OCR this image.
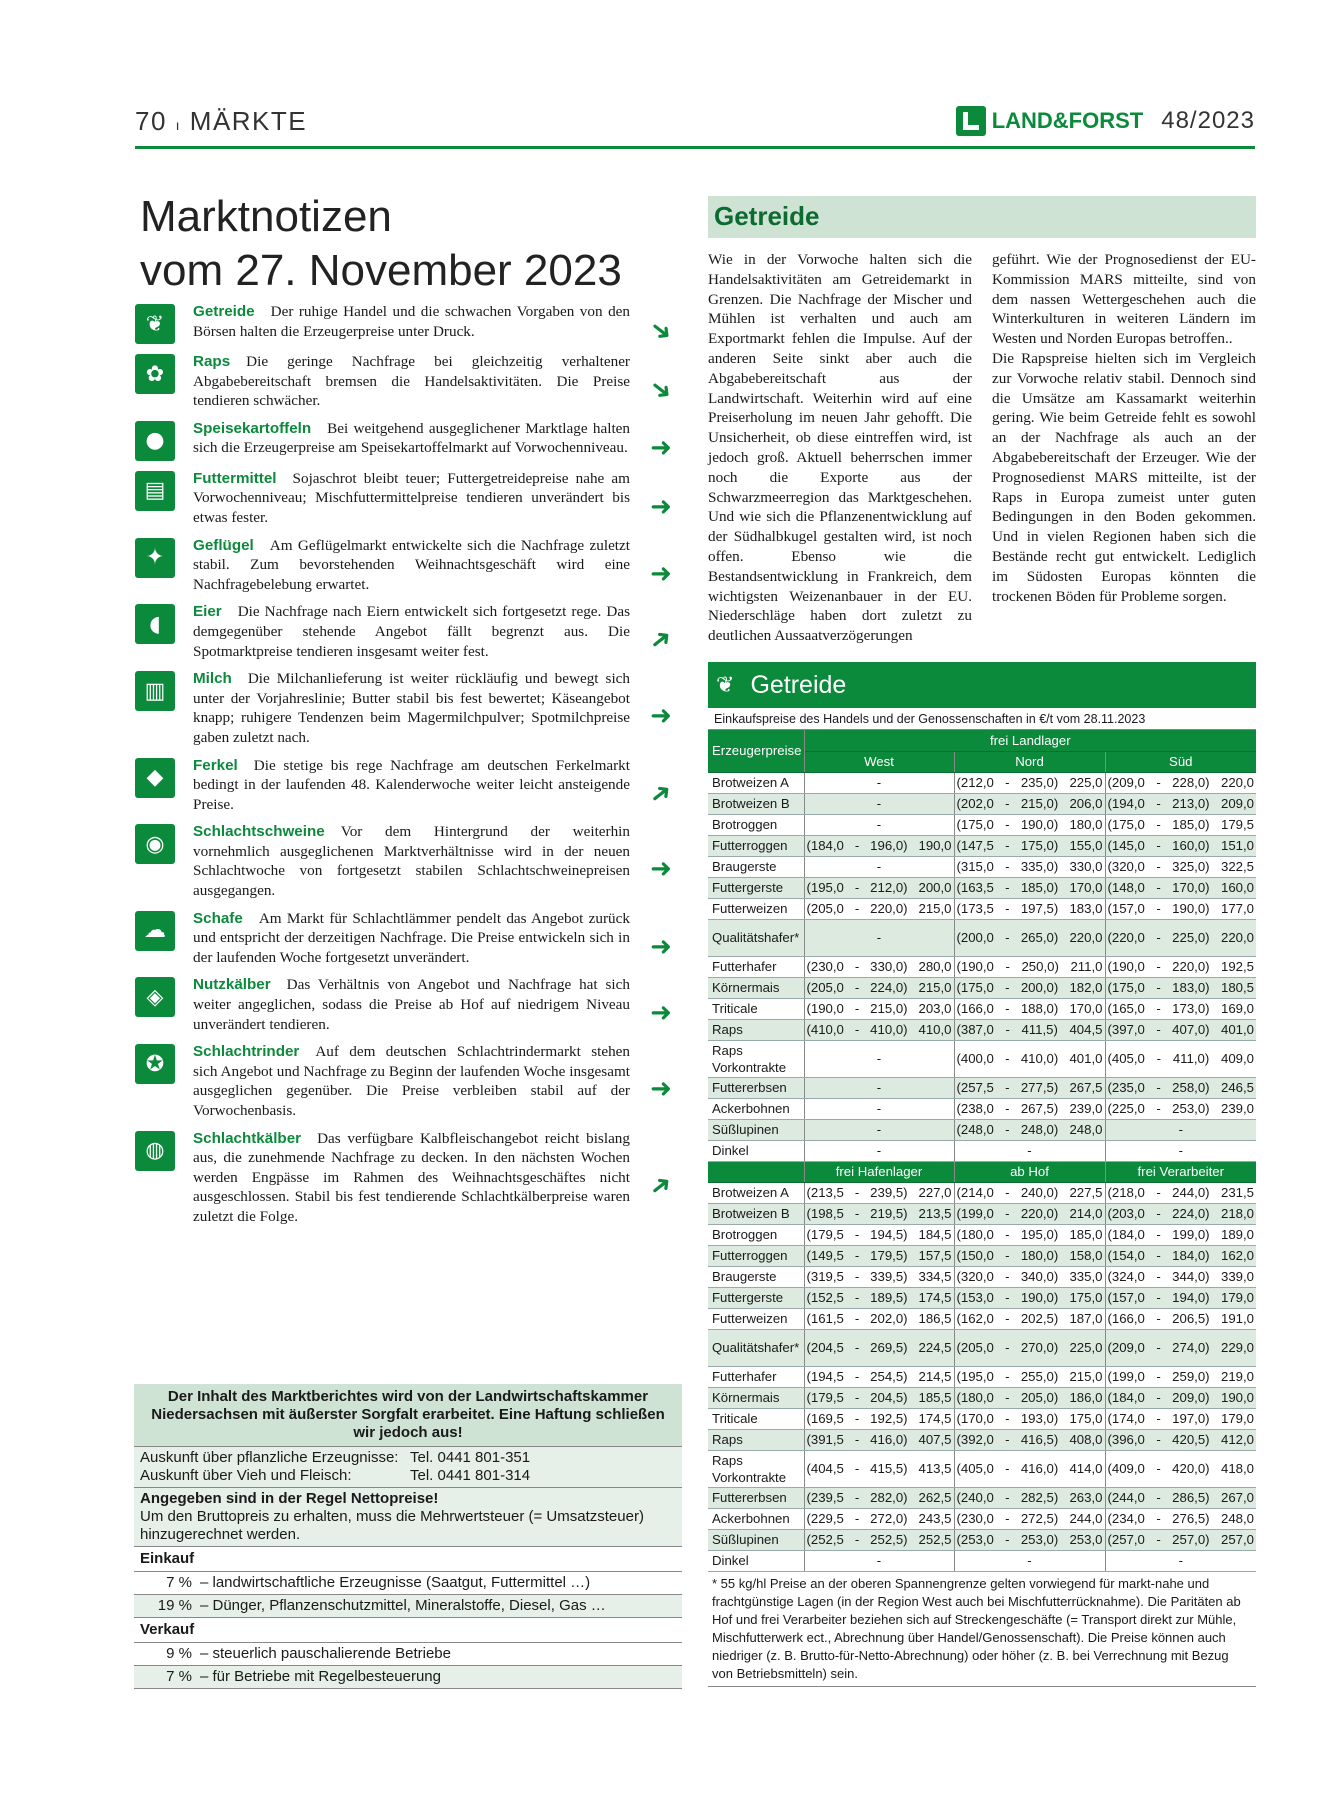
70 ı MÄRKTE	LAND&FORST 48/2023
Marktnotizen
vom 27. November 2023
❦	Getreide Der ruhige Handel und die schwachen Vorgaben von den Börsen halten die Erzeugerpreise unter Druck.
✿	Raps Die geringe Nachfrage bei gleichzeitig verhaltener Abgabebereitschaft bremsen die Handelsaktivitäten. Die Preise tendieren schwächer.
●	Speisekartoffeln Bei weitgehend ausgeglichener Marktlage halten sich die Erzeugerpreise am Speisekartoffelmarkt auf Vorwochenniveau.
▤	Futtermittel Sojaschrot bleibt teuer; Futtergetreidepreise nahe am Vorwochenniveau; Mischfuttermittelpreise tendieren unverändert bis etwas fester.
✦	Geflügel Am Geflügelmarkt entwickelte sich die Nachfrage zuletzt stabil. Zum bevorstehenden Weihnachtsgeschäft wird eine Nachfragebelebung erwartet.
◖	Eier Die Nachfrage nach Eiern entwickelt sich fortgesetzt rege. Das demgegenüber stehende Angebot fällt begrenzt aus. Die Spotmarktpreise tendieren insgesamt weiter fest.
▥	Milch Die Milchanlieferung ist weiter rückläufig und bewegt sich unter der Vorjahreslinie; Butter stabil bis fest bewertet; Käseangebot knapp; ruhigere Tendenzen beim Magermilchpulver; Spotmilchpreise gaben zuletzt nach.
◆	Ferkel Die stetige bis rege Nachfrage am deutschen Ferkelmarkt bedingt in der laufenden 48. Kalenderwoche weiter leicht ansteigende Preise.
◉	Schlachtschweine Vor dem Hintergrund der weiterhin vornehmlich ausgeglichenen Marktverhältnisse wird in der neuen Schlachtwoche von fortgesetzt stabilen Schlachtschweinepreisen ausgegangen.
☁	Schafe Am Markt für Schlachtlämmer pendelt das Angebot zurück und entspricht der derzeitigen Nachfrage. Die Preise entwickeln sich in der laufenden Woche fortgesetzt unverändert.
◈	Nutzkälber Das Verhältnis von Angebot und Nachfrage hat sich weiter angeglichen, sodass die Preise ab Hof auf niedrigem Niveau unverändert tendieren.
✪	Schlachtrinder Auf dem deutschen Schlachtrindermarkt stehen sich Angebot und Nachfrage zu Beginn der laufenden Woche insgesamt ausgeglichen gegenüber. Die Preise verbleiben stabil auf der Vorwochenbasis.
◍	Schlachtkälber Das verfügbare Kalbfleischangebot reicht bislang aus, die zunehmende Nachfrage zu decken. In den nächsten Wochen werden Engpässe im Rahmen des Weihnachtsgeschäftes nicht ausgeschlossen. Stabil bis fest tendierende Schlachtkälberpreise waren zuletzt die Folge.
➜
➜
➜
➜
➜
➜
➜
➜
➜
➜
➜
➜
➜
Der Inhalt des Marktberichtes wird von der Landwirtschaftskammer Niedersachsen mit äußerster Sorgfalt erarbeitet. Eine Haftung schließen wir jedoch aus!
Auskunft über pflanzliche Erzeugnisse: Tel. 0441 801-351
Auskunft über Vieh und Fleisch:	Tel. 0441 801-314
Angegeben sind in der Regel Nettopreise!
Um den Bruttopreis zu erhalten, muss die Mehrwertsteuer (= Umsatzsteuer) hinzugerechnet werden.
Einkauf
7 % – landwirtschaftliche Erzeugnisse (Saatgut, Futtermittel …)
19 % – Dünger, Pflanzenschutzmittel, Mineralstoffe, Diesel, Gas …
Verkauf
9 % – steuerlich pauschalierende Betriebe
7 % – für Betriebe mit Regelbesteuerung
Getreide
Wie in der Vorwoche halten sich die Handelsaktivitäten am Getreidemarkt in Grenzen. Die Nachfrage der Mischer und Mühlen ist verhalten und auch am Exportmarkt fehlen die Impulse. Auf der anderen Seite sinkt aber auch die Abgabebereitschaft aus der Landwirtschaft. Weiterhin wird auf eine Preiserholung im neuen Jahr gehofft. Die Unsicherheit, ob diese eintreffen wird, ist jedoch groß. Aktuell beherrschen immer noch die Exporte aus der Schwarzmeerregion das Marktgeschehen. Und wie sich die Pflanzenentwicklung auf der Südhalbkugel gestalten wird, ist noch offen. Ebenso wie die Bestandsentwicklung in Frankreich, dem wichtigsten Weizenanbauer in der EU. Niederschläge haben dort zuletzt zu deutlichen Aussaatverzögerungen
geführt. Wie der Prognosedienst der EU-Kommission MARS mitteilte, sind von dem nassen Wettergeschehen auch die Winterkulturen in weiteren Ländern im Westen und Norden Europas betroffen..
Die Rapspreise hielten sich im Vergleich zur Vorwoche relativ stabil. Dennoch sind die Umsätze am Kassamarkt weiterhin gering. Wie beim Getreide fehlt es sowohl an der Nachfrage als auch an der Abgabebereitschaft der Erzeuger. Wie der Prognosedienst MARS mitteilte, ist der Raps in Europa zumeist unter guten Bedingungen in den Boden gekommen. Und in vielen Regionen haben sich die Bestände recht gut entwickelt. Lediglich im Südosten Europas könnten die trockenen Böden für Probleme sorgen.
❦ Getreide
Einkaufspreise des Handels und der Genossenschaften in €/t vom 28.11.2023
Erzeugerpreise	frei Landlager		
	West	Nord	Süd
Brotweizen A	-	(212,0 - 235,0) 225,0	(209,0 - 228,0) 220,0

Brotweizen B	-	(202,0 - 215,0) 206,0	(194,0 - 213,0) 209,0

Brotroggen	-	(175,0 - 190,0) 180,0	(175,0 - 185,0) 179,5

Futterroggen	(184,0 - 196,0) 190,0	(147,5 - 175,0) 155,0	(145,0 - 160,0) 151,0

Braugerste	-	(315,0 - 335,0) 330,0	(320,0 - 325,0) 322,5

Futtergerste	(195,0 - 212,0) 200,0	(163,5 - 185,0) 170,0	(148,0 - 170,0) 160,0

Futterweizen	(205,0 - 220,0) 215,0	(173,5 - 197,5) 183,0	(157,0 - 190,0) 177,0

Qualitätshafer*	-	(200,0 - 265,0) 220,0	(220,0 - 225,0) 220,0

Futterhafer	(230,0 - 330,0) 280,0	(190,0 - 250,0) 211,0	(190,0 - 220,0) 192,5

Körnermais	(205,0 - 224,0) 215,0	(175,0 - 200,0) 182,0	(175,0 - 183,0) 180,5

Triticale	(190,0 - 215,0) 203,0	(166,0 - 188,0) 170,0	(165,0 - 173,0) 169,0

Raps	(410,0 - 410,0) 410,0	(387,0 - 411,5) 404,5	(397,0 - 407,0) 401,0

Raps Vorkontrakte	-	(400,0 - 410,0) 401,0	(405,0 - 411,0) 409,0

Futtererbsen	-	(257,5 - 277,5) 267,5	(235,0 - 258,0) 246,5

Ackerbohnen	-	(238,0 - 267,5) 239,0	(225,0 - 253,0) 239,0

Süßlupinen	-	(248,0 - 248,0) 248,0	-
Dinkel	-	-	-
	frei Hafenlager	ab Hof	frei Verarbeiter
Brotweizen A	(213,5 - 239,5) 227,0	(214,0 - 240,0) 227,5	(218,0 - 244,0) 231,5

Brotweizen B	(198,5 - 219,5) 213,5	(199,0 - 220,0) 214,0	(203,0 - 224,0) 218,0

Brotroggen	(179,5 - 194,5) 184,5	(180,0 - 195,0) 185,0	(184,0 - 199,0) 189,0

Futterroggen	(149,5 - 179,5) 157,5	(150,0 - 180,0) 158,0	(154,0 - 184,0) 162,0

Braugerste	(319,5 - 339,5) 334,5	(320,0 - 340,0) 335,0	(324,0 - 344,0) 339,0

Futtergerste	(152,5 - 189,5) 174,5	(153,0 - 190,0) 175,0	(157,0 - 194,0) 179,0

Futterweizen	(161,5 - 202,0) 186,5	(162,0 - 202,5) 187,0	(166,0 - 206,5) 191,0

Qualitätshafer*	(204,5 - 269,5) 224,5	(205,0 - 270,0) 225,0	(209,0 - 274,0) 229,0

Futterhafer	(194,5 - 254,5) 214,5	(195,0 - 255,0) 215,0	(199,0 - 259,0) 219,0

Körnermais	(179,5 - 204,5) 185,5	(180,0 - 205,0) 186,0	(184,0 - 209,0) 190,0

Triticale	(169,5 - 192,5) 174,5	(170,0 - 193,0) 175,0	(174,0 - 197,0) 179,0

Raps	(391,5 - 416,0) 407,5	(392,0 - 416,5) 408,0	(396,0 - 420,5) 412,0

Raps Vorkontrakte	(404,5 - 415,5) 413,5	(405,0 - 416,0) 414,0	(409,0 - 420,0) 418,0

Futtererbsen	(239,5 - 282,0) 262,5	(240,0 - 282,5) 263,0	(244,0 - 286,5) 267,0

Ackerbohnen	(229,5 - 272,0) 243,5	(230,0 - 272,5) 244,0	(234,0 - 276,5) 248,0

Süßlupinen	(252,5 - 252,5) 252,5	(253,0 - 253,0) 253,0	(257,0 - 257,0) 257,0

Dinkel	-	-	-
* 55 kg/hl Preise an der oberen Spannengrenze gelten vorwiegend für markt-nahe und frachtgünstige Lagen (in der Region West auch bei Mischfutterrücknahme). Die Paritäten ab Hof und frei Verarbeiter beziehen sich auf Streckengeschäfte (= Transport direkt zur Mühle, Mischfutterwerk ect., Abrechnung über Handel/Genossenschaft). Die Preise können auch niedriger (z. B. Brutto-für-Netto-Abrechnung) oder höher (z. B. bei Verrechnung mit Bezug von Betriebsmitteln) sein.
